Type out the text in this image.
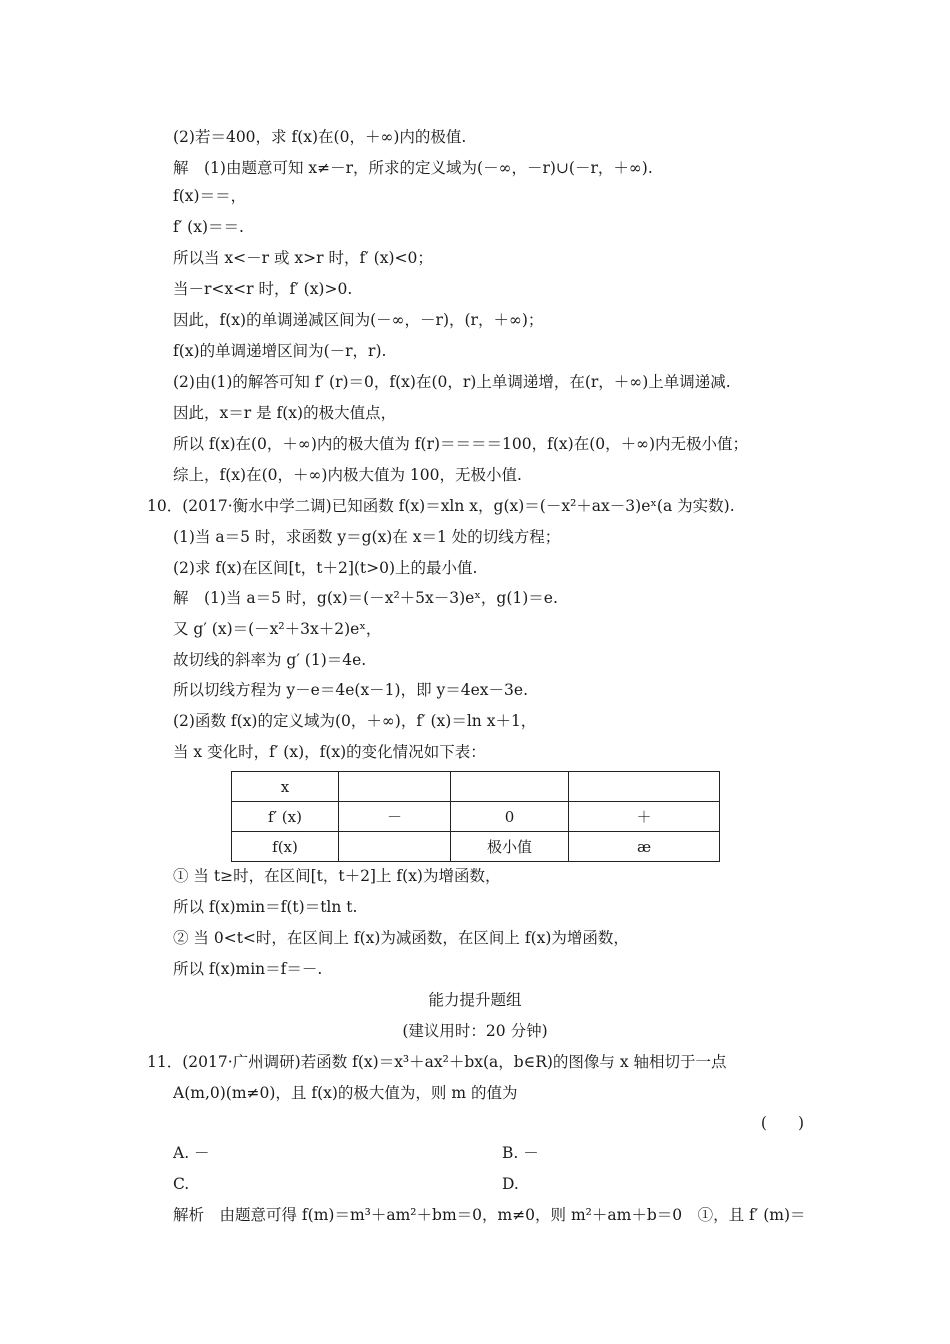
(2)若＝400，求 f(x)在(0，＋∞)内的极值.
解　(1)由题意可知 x≠－r，所求的定义域为(－∞，－r)∪(－r，＋∞).
f(x)＝＝，
f′ (x)＝＝.
所以当 x<－r 或 x>r 时，f′ (x)<0；
当－r<x<r 时，f′ (x)>0.
因此，f(x)的单调递减区间为(－∞，－r)，(r，＋∞)；
f(x)的单调递增区间为(－r，r).
(2)由(1)的解答可知 f′ (r)＝0，f(x)在(0，r)上单调递增，在(r，＋∞)上单调递减.
因此，x＝r 是 f(x)的极大值点，
所以 f(x)在(0，＋∞)内的极大值为 f(r)＝＝＝＝100，f(x)在(0，＋∞)内无极小值；
综上，f(x)在(0，＋∞)内极大值为 100，无极小值.
10．(2017·衡水中学二调)已知函数 f(x)＝xln x，g(x)＝(－x²＋ax－3)eˣ(a 为实数).
(1)当 a＝5 时，求函数 y＝g(x)在 x＝1 处的切线方程；
(2)求 f(x)在区间[t，t＋2](t>0)上的最小值.
解　(1)当 a＝5 时，g(x)＝(－x²＋5x－3)eˣ，g(1)＝e.
又 g′ (x)＝(－x²＋3x＋2)eˣ，
故切线的斜率为 g′ (1)＝4e.
所以切线方程为 y－e＝4e(x－1)，即 y＝4ex－3e.
(2)函数 f(x)的定义域为(0，＋∞)，f′ (x)＝ln x＋1，
当 x 变化时，f′ (x)，f(x)的变化情况如下表：
x			
f′ (x)	－	0	＋
f(x)		极小值	æ
① 当 t≥时，在区间[t，t＋2]上 f(x)为增函数，
所以 f(x)min＝f(t)＝tln t.
② 当 0<t<时，在区间上 f(x)为减函数，在区间上 f(x)为增函数，
所以 f(x)min＝f＝－.
能力提升题组
(建议用时：20 分钟)
11．(2017·广州调研)若函数 f(x)＝x³＋ax²＋bx(a，b∈R)的图像与 x 轴相切于一点
A(m,0)(m≠0)，且 f(x)的极大值为，则 m 的值为
(　　)
A. －	B. －
C.	D.
解析　由题意可得 f(m)＝m³＋am²＋bm＝0，m≠0，则 m²＋am＋b＝0　①，且 f′ (m)＝
